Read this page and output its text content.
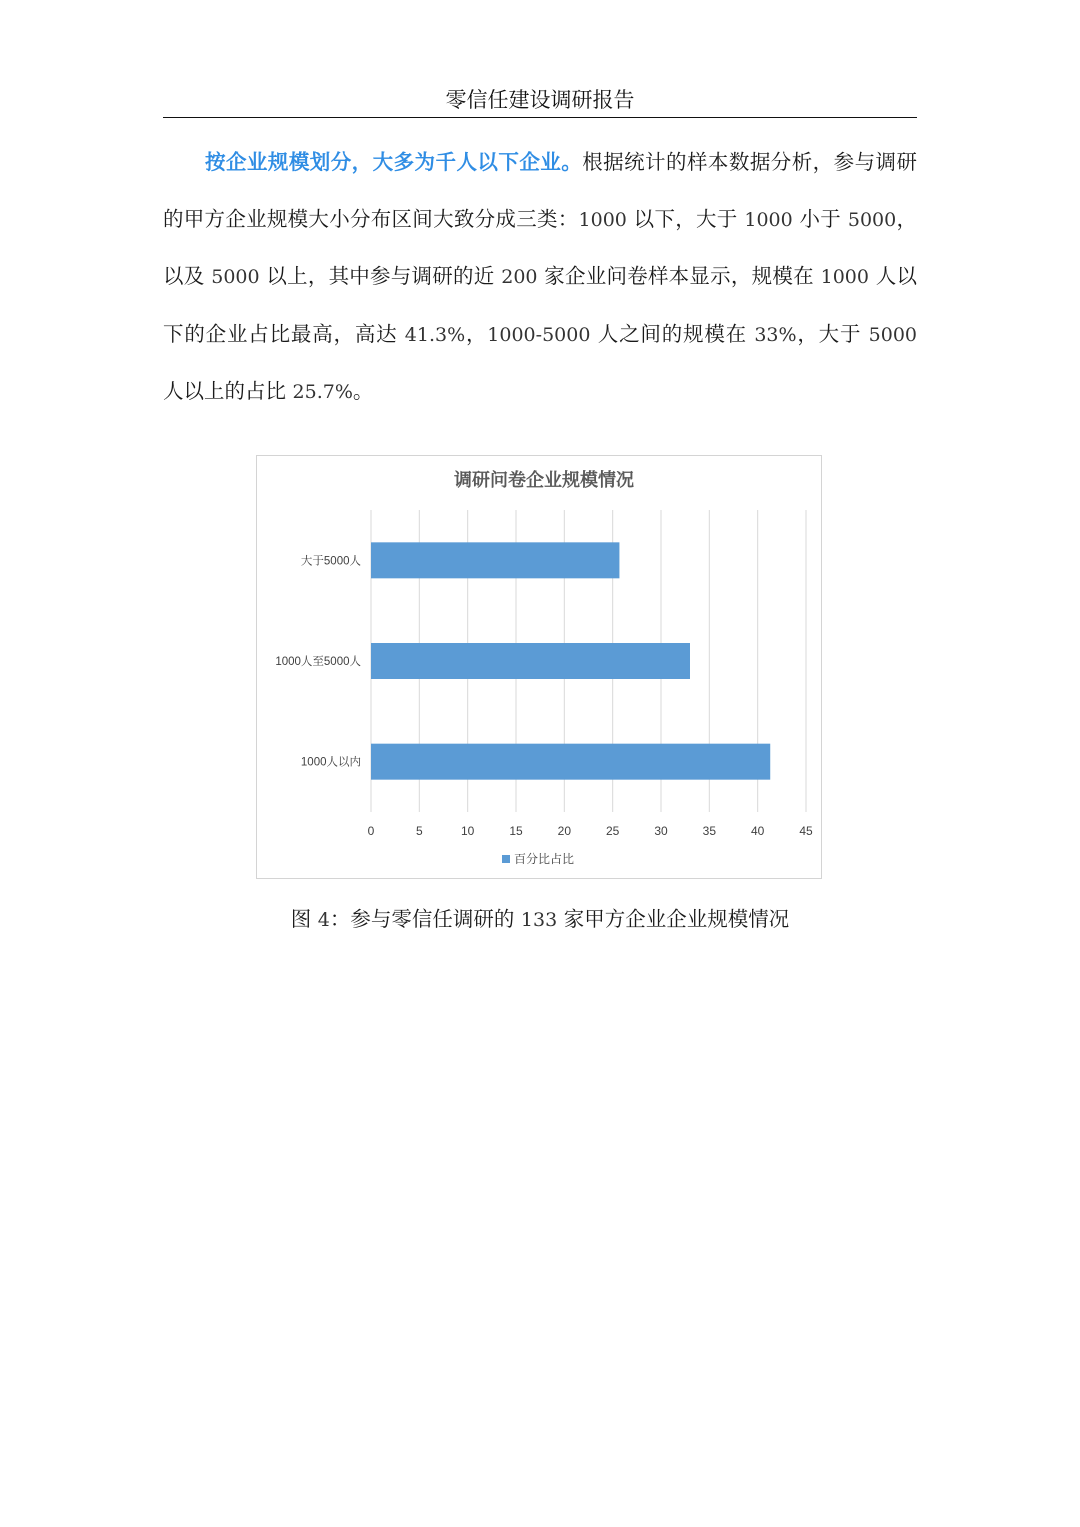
零信任建设调研报告
按企业规模划分，大多为千人以下企业。根据统计的样本数据分析，参与调研的甲方企业规模大小分布区间大致分成三类：1000 以下，大于 1000 小于 5000，以及 5000 以上，其中参与调研的近 200 家企业问卷样本显示，规模在 1000 人以下的企业占比最高，高达 41.3%，1000-5000 人之间的规模在 33%，大于 5000 人以上的占比 25.7%。
调研问卷企业规模情况
0	5	10	15	20	25	30	35	40	45
大于5000人
1000人至5000人
1000人以内
百分比占比
图 4：参与零信任调研的 133 家甲方企业企业规模情况
